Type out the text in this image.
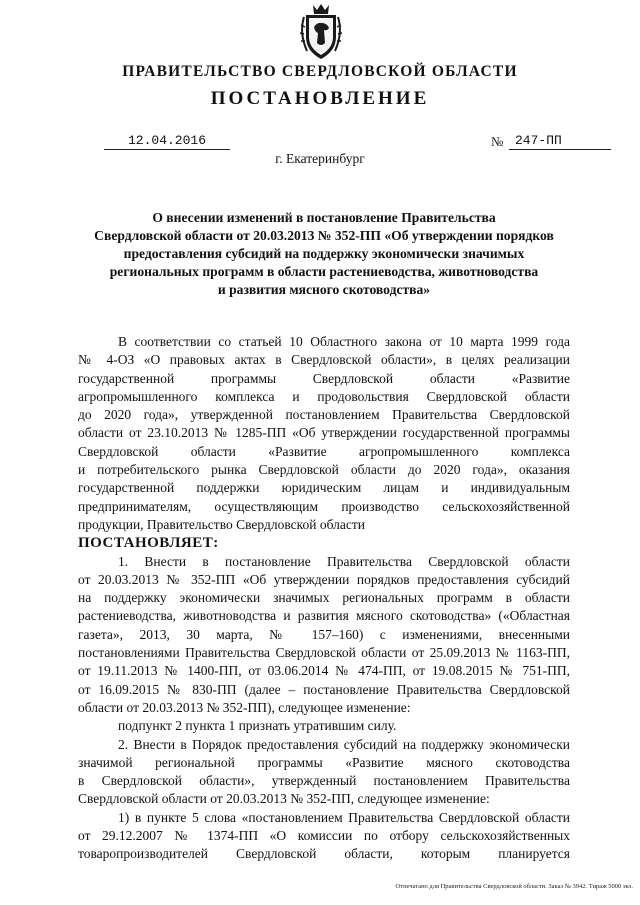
ПРАВИТЕЛЬСТВО СВЕРДЛОВСКОЙ ОБЛАСТИ
ПОСТАНОВЛЕНИЕ
12.04.2016	№ 247-ПП
г. Екатеринбург
О внесении изменений в постановление Правительства
Свердловской области от 20.03.2013 № 352-ПП «Об утверждении порядков
предоставления субсидий на поддержку экономически значимых
региональных программ в области растениеводства, животноводства
и развития мясного скотоводства»
В соответствии со статьей 10 Областного закона от 10 марта 1999 года
№ 4-ОЗ «О правовых актах в Свердловской области», в целях реализации
государственной программы Свердловской области «Развитие
агропромышленного комплекса и продовольствия Свердловской области
до 2020 года», утвержденной постановлением Правительства Свердловской
области от 23.10.2013 № 1285-ПП «Об утверждении государственной программы
Свердловской области «Развитие агропромышленного комплекса
и потребительского рынка Свердловской области до 2020 года», оказания
государственной поддержки юридическим лицам и индивидуальным
предпринимателям, осуществляющим производство сельскохозяйственной
продукции, Правительство Свердловской области
ПОСТАНОВЛЯЕТ:
1. Внести в постановление Правительства Свердловской области
от 20.03.2013 № 352-ПП «Об утверждении порядков предоставления субсидий
на поддержку экономически значимых региональных программ в области
растениеводства, животноводства и развития мясного скотоводства» («Областная
газета», 2013, 30 марта, № 157–160) с изменениями, внесенными
постановлениями Правительства Свердловской области от 25.09.2013 № 1163-ПП,
от 19.11.2013 № 1400-ПП, от 03.06.2014 № 474-ПП, от 19.08.2015 № 751-ПП,
от 16.09.2015 № 830-ПП (далее – постановление Правительства Свердловской
области от 20.03.2013 № 352-ПП), следующее изменение:
подпункт 2 пункта 1 признать утратившим силу.
2. Внести в Порядок предоставления субсидий на поддержку экономически
значимой региональной программы «Развитие мясного скотоводства
в Свердловской области», утвержденный постановлением Правительства
Свердловской области от 20.03.2013 № 352-ПП, следующее изменение:
1) в пункте 5 слова «постановлением Правительства Свердловской области
от 29.12.2007 № 1374-ПП «О комиссии по отбору сельскохозяйственных
товаропроизводителей Свердловской области, которым планируется
Отпечатано для Правительства Свердловской области. Заказ № 3942. Тираж 5000 экз.
